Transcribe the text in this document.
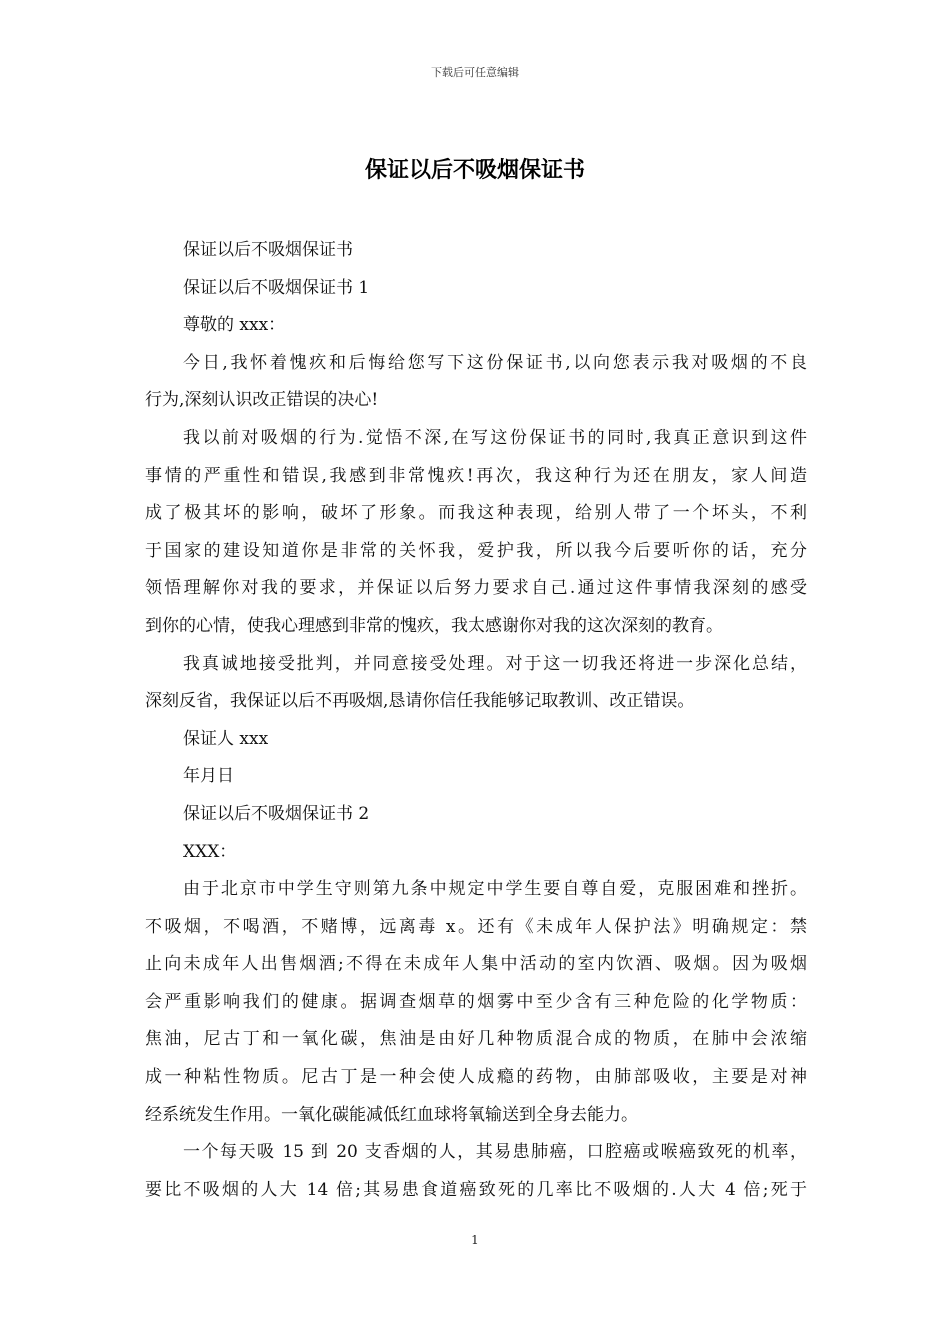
下载后可任意编辑
保证以后不吸烟保证书
保证以后不吸烟保证书
保证以后不吸烟保证书 1
尊敬的 xxx：
今日,我怀着愧疚和后悔给您写下这份保证书,以向您表示我对吸烟的不良
行为,深刻认识改正错误的决心!
我以前对吸烟的行为.觉悟不深,在写这份保证书的同时,我真正意识到这件
事情的严重性和错误,我感到非常愧疚!再次，我这种行为还在朋友，家人间造
成了极其坏的影响，破坏了形象。而我这种表现，给别人带了一个坏头，不利
于国家的建设知道你是非常的关怀我，爱护我，所以我今后要听你的话，充分
领悟理解你对我的要求，并保证以后努力要求自己.通过这件事情我深刻的感受
到你的心情，使我心理感到非常的愧疚，我太感谢你对我的这次深刻的教育。
我真诚地接受批判，并同意接受处理。对于这一切我还将进一步深化总结，
深刻反省，我保证以后不再吸烟,恳请你信任我能够记取教训、改正错误。
保证人 xxx
年月日
保证以后不吸烟保证书 2
XXX：
由于北京市中学生守则第九条中规定中学生要自尊自爱，克服困难和挫折。
不吸烟，不喝酒，不赌博，远离毒 x。还有《未成年人保护法》明确规定：禁
止向未成年人出售烟酒;不得在未成年人集中活动的室内饮酒、吸烟。因为吸烟
会严重影响我们的健康。据调查烟草的烟雾中至少含有三种危险的化学物质：
焦油，尼古丁和一氧化碳，焦油是由好几种物质混合成的物质，在肺中会浓缩
成一种粘性物质。尼古丁是一种会使人成瘾的药物，由肺部吸收，主要是对神
经系统发生作用。一氧化碳能减低红血球将氧输送到全身去能力。
一个每天吸 15 到 20 支香烟的人，其易患肺癌，口腔癌或喉癌致死的机率，
要比不吸烟的人大 14 倍;其易患食道癌致死的几率比不吸烟的.人大 4 倍;死于
1
